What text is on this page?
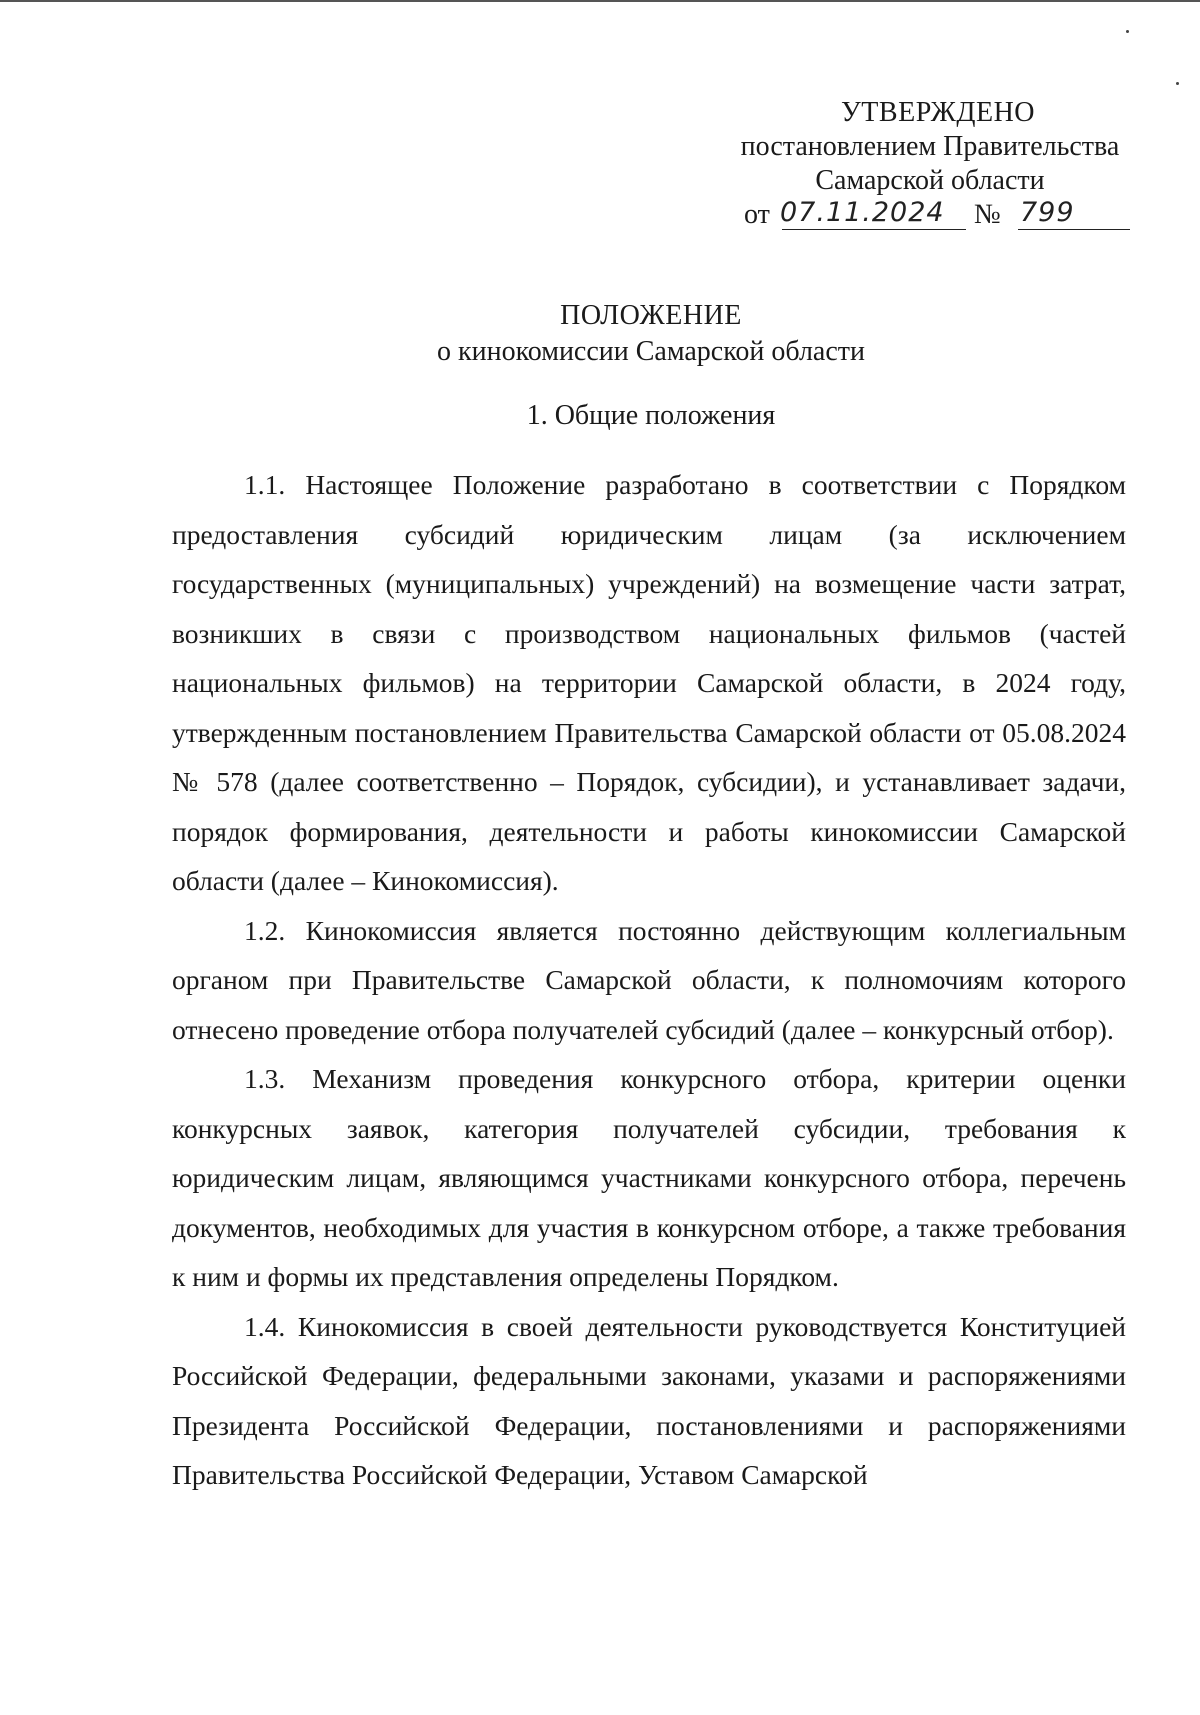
УТВЕРЖДЕНО
постановлением Правительства
Самарской области
от 07.11.2024 № 799
ПОЛОЖЕНИЕ
о кинокомиссии Самарской области
1. Общие положения

1.1. Настоящее Положение разработано в соответствии с Порядком предоставления субсидий юридическим лицам (за исключением государственных (муниципальных) учреждений) на возмещение части затрат, возникших в связи с производством национальных фильмов (частей национальных фильмов) на территории Самарской области, в 2024 году, утвержденным постановлением Правительства Самарской области от 05.08.2024 № 578 (далее соответственно – Порядок, субсидии), и устанавливает задачи, порядок формирования, деятельности и работы кинокомиссии Самарской области (далее – Кинокомиссия).

1.2. Кинокомиссия является постоянно действующим коллегиальным органом при Правительстве Самарской области, к полномочиям которого отнесено проведение отбора получателей субсидий (далее – конкурсный отбор).

1.3. Механизм проведения конкурсного отбора, критерии оценки конкурсных заявок, категория получателей субсидии, требования к юридическим лицам, являющимся участниками конкурсного отбора, перечень документов, необходимых для участия в конкурсном отборе, а также требования к ним и формы их представления определены Порядком.

1.4. Кинокомиссия в своей деятельности руководствуется Конституцией Российской Федерации, федеральными законами, указами и распоряжениями Президента Российской Федерации, постановлениями и распоряжениями Правительства Российской Федерации, Уставом Самарской
